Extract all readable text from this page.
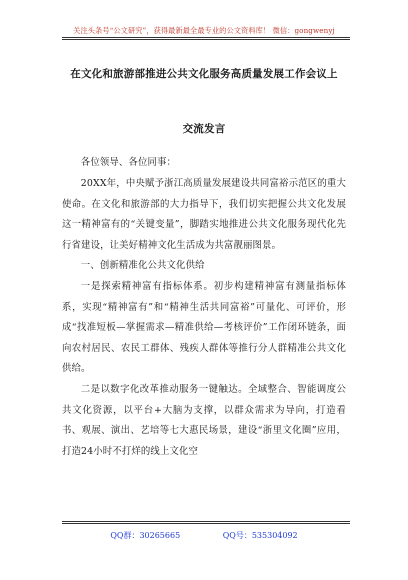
关注头条号“公文研究”，获得最新最全最专业的公文资料库！ 微信：gongwenyj
在文化和旅游部推进公共文化服务高质量发展工作会议上
交流发言

各位领导、各位同事：

20XX年，中央赋予浙江高质量发展建设共同富裕示范区的重大使命。在文化和旅游部的大力指导下，我们切实把握公共文化发展这一精神富有的“关键变量”，脚踏实地推进公共文化服务现代化先行省建设，让美好精神文化生活成为共富靓丽图景。

一、创新精准化公共文化供给

一是探索精神富有指标体系。初步构建精神富有测量指标体系，实现“精神富有”和“精神生活共同富裕”可量化、可评价，形成“找准短板—掌握需求—精准供给—考核评价”工作闭环链条，面向农村居民、农民工群体、残疾人群体等推行分人群精准公共文化供给。

二是以数字化改革推动服务一键触达。全域整合、智能调度公共文化资源，以平台+大脑为支撑，以群众需求为导向，打造看书、观展、演出、艺培等七大惠民场景，建设“浙里文化圈”应用，打造24小时不打烊的线上文化空

QQ群：30265665	QQ号：535304092
